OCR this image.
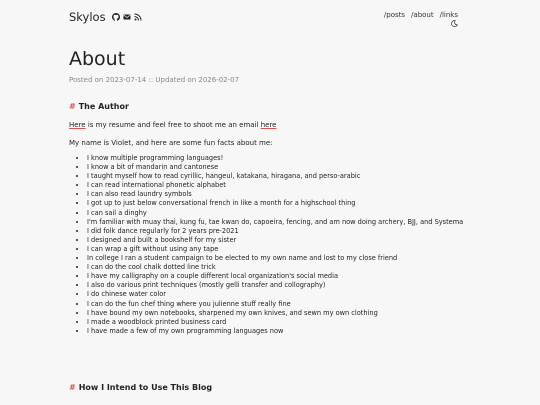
Skylos	/posts /about /links
About
Posted on 2023-07-14 :: Updated on 2026-02-07
# The Author
Here is my resume and feel free to shoot me an email here
My name is Violet, and here are some fun facts about me:
• I know multiple programming languages!
• I know a bit of mandarin and cantonese
• I taught myself how to read cyrillic, hangeul, katakana, hiragana, and perso-arabic
• I can read international phonetic alphabet
• I can also read laundry symbols
• I got up to just below conversational french in like a month for a highschool thing
• I can sail a dinghy
• I'm familiar with muay thai, kung fu, tae kwan do, capoeira, fencing, and am now doing archery, BJJ, and Systema
• I did folk dance regularly for 2 years pre-2021
• I designed and built a bookshelf for my sister
• I can wrap a gift without using any tape
• In college I ran a student campaign to be elected to my own name and lost to my close friend
• I can do the cool chalk dotted line trick
• I have my calligraphy on a couple different local organization's social media
• I also do various print techniques (mostly gelli transfer and collography)
• I do chinese water color
• I can do the fun chef thing where you julienne stuff really fine
• I have bound my own notebooks, sharpened my own knives, and sewn my own clothing
• I made a woodblock printed business card
• I have made a few of my own programming languages now
# How I Intend to Use This Blog
